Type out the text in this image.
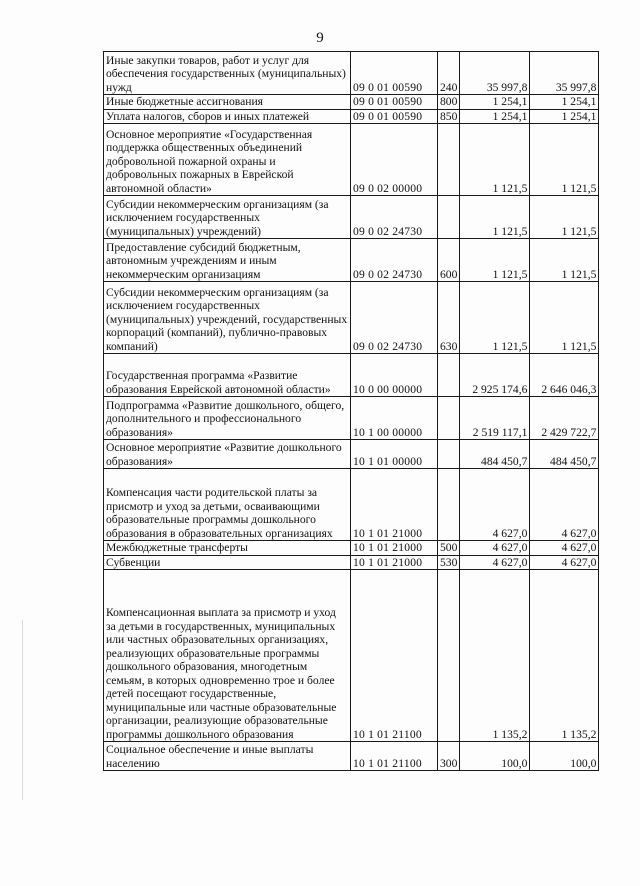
9
Иные закупки товаров, работ и услуг для обеспечения государственных (муниципальных) нужд	09 0 01 00590	240	35 997,8	35 997,8

Иные бюджетные ассигнования	09 0 01 00590	800	1 254,1	1 254,1

Уплата налогов, сборов и иных платежей	09 0 01 00590	850	1 254,1	1 254,1

Основное мероприятие «Государственная поддержка общественных объединений добровольной пожарной охраны и добровольных пожарных в Еврейской автономной области»	09 0 02 00000		1 121,5	1 121,5

Субсидии некоммерческим организациям (за исключением государственных (муниципальных) учреждений)	09 0 02 24730		1 121,5	1 121,5

Предоставление субсидий бюджетным, автономным учреждениям и иным некоммерческим организациям	09 0 02 24730	600	1 121,5	1 121,5

Субсидии некоммерческим организациям (за исключением государственных (муниципальных) учреждений, государственных корпораций (компаний), публично-правовых компаний)	09 0 02 24730	630	1 121,5	1 121,5

Государственная программа «Развитие образования Еврейской автономной области»	10 0 00 00000		2 925 174,6	2 646 046,3

Подпрограмма «Развитие дошкольного, общего, дополнительного и профессионального образования»	10 1 00 00000		2 519 117,1	2 429 722,7

Основное мероприятие «Развитие дошкольного образования»	10 1 01 00000		484 450,7	484 450,7

Компенсация части родительской платы за присмотр и уход за детьми, осваивающими образовательные программы дошкольного образования в образовательных организациях	10 1 01 21000		4 627,0	4 627,0

Межбюджетные трансферты	10 1 01 21000	500	4 627,0	4 627,0

Субвенции	10 1 01 21000	530	4 627,0	4 627,0

Компенсационная выплата за присмотр и уход за детьми в государственных, муниципальных или частных образовательных организациях, реализующих образовательные программы дошкольного образования, многодетным семьям, в которых одновременно трое и более детей посещают государственные, муниципальные или частные образовательные организации, реализующие образовательные программы дошкольного образования	10 1 01 21100		1 135,2	1 135,2

Социальное обеспечение и иные выплаты населению	10 1 01 21100	300	100,0	100,0
